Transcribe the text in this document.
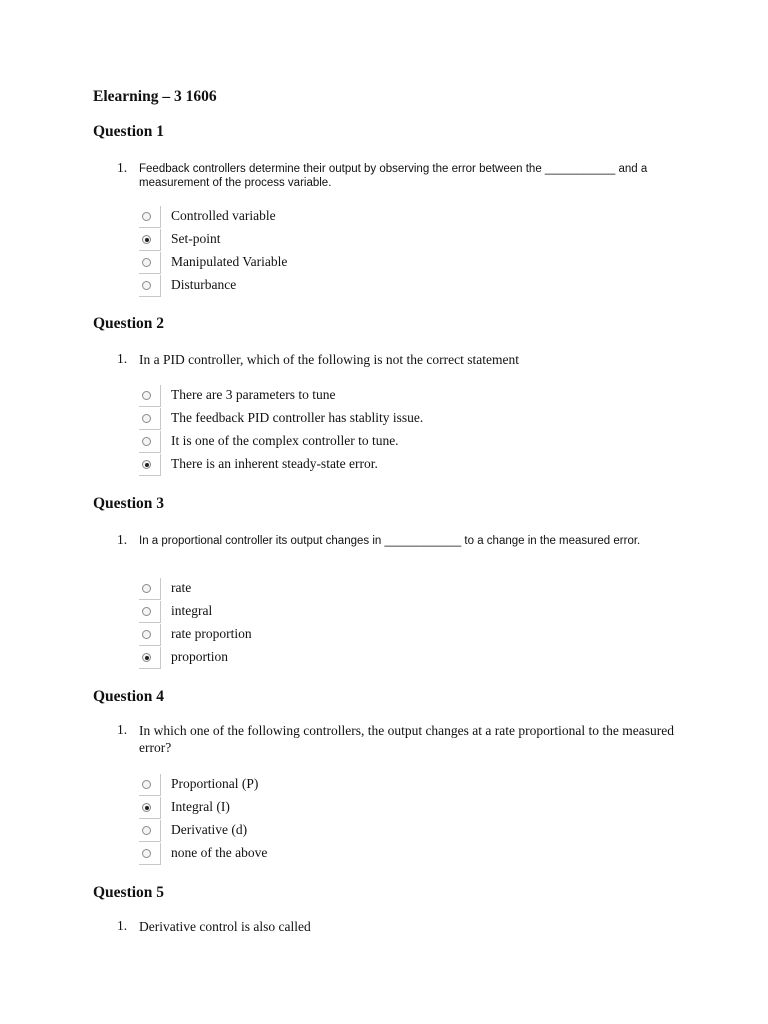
Elearning – 3 1606
Question 1
1. Feedback controllers determine their output by observing the error between the ___________ and a measurement of the process variable.

Controlled variable
Set-point
Manipulated Variable
Disturbance
Question 2
1. In a PID controller, which of the following is not the correct statement

There are 3 parameters to tune
The feedback PID controller has stablity issue.
It is one of the complex controller to tune.
There is an inherent steady-state error.
Question 3
1. In a proportional controller its output changes in ____________ to a change in the measured error.

rate
integral
rate proportion
proportion
Question 4
1. In which one of the following controllers, the output changes at a rate proportional to the measured error?

Proportional (P)
Integral (I)
Derivative (d)
none of the above
Question 5
1. Derivative control is also called
